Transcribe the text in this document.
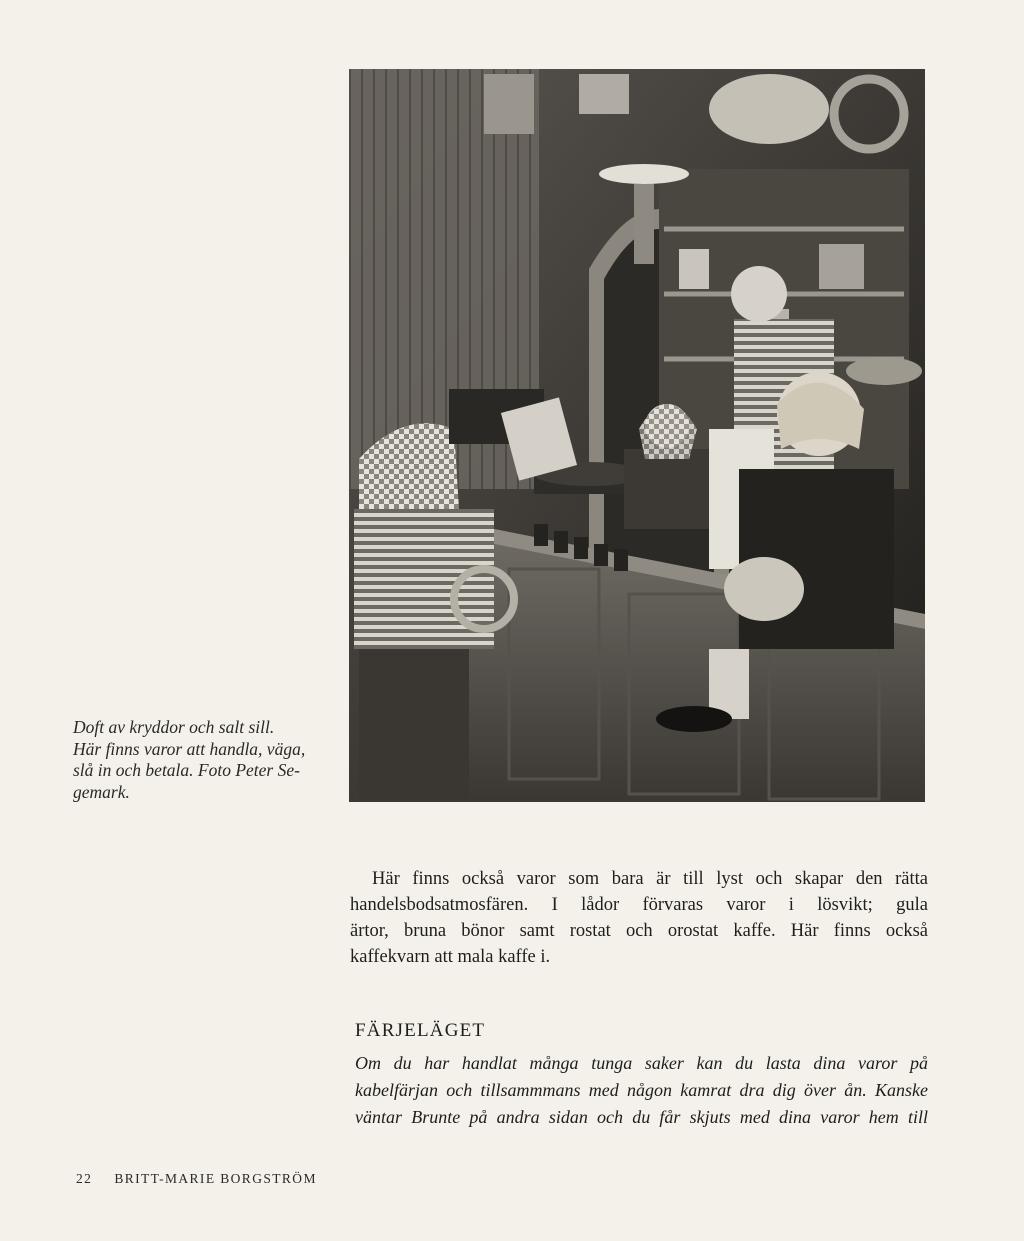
Doft av kryddor och salt sill.
Här finns varor att handla, väga,
slå in och betala. Foto Peter Se-
gemark.
Här finns också varor som bara är till lyst och skapar den rätta
handelsbodsatmosfären. I lådor förvaras varor i lösvikt; gula
ärtor, bruna bönor samt rostat och orostat kaffe. Här finns också
kaffekvarn att mala kaffe i.
FÄRJELÄGET
Om du har handlat många tunga saker kan du lasta dina varor på
kabelfärjan och tillsammmans med någon kamrat dra dig över ån. Kanske
väntar Brunte på andra sidan och du får skjuts med dina varor hem till
22 BRITT-MARIE BORGSTRÖM
